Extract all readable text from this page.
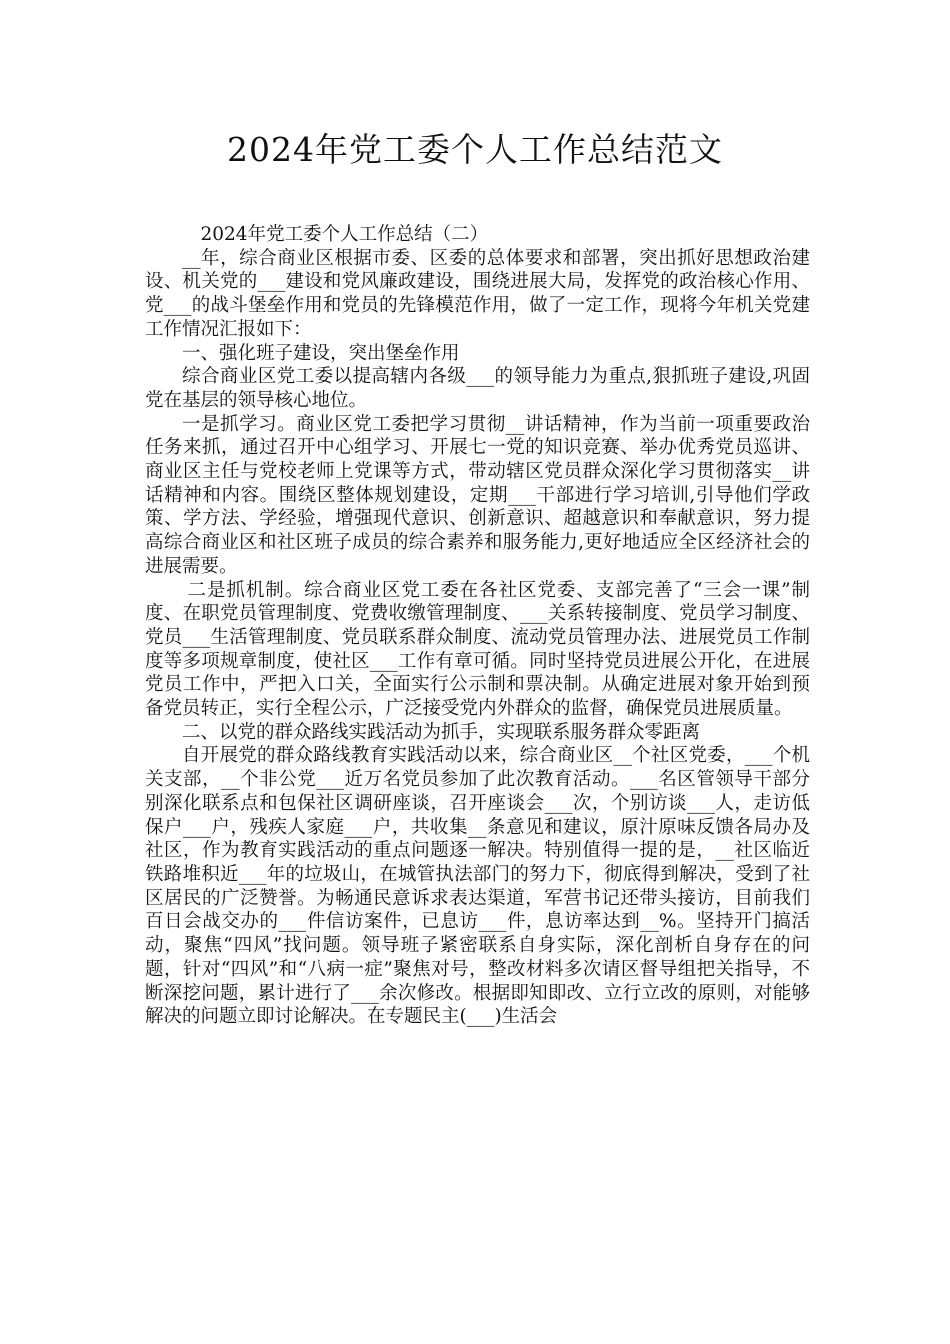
2024年党工委个人工作总结范文

2024年党工委个人工作总结（二）

__年，综合商业区根据市委、区委的总体要求和部署，突出抓好思想政治建设、机关党的___建设和党风廉政建设，围绕进展大局，发挥党的政治核心作用、党___的战斗堡垒作用和党员的先锋模范作用，做了一定工作，现将今年机关党建工作情况汇报如下：

一、强化班子建设，突出堡垒作用

综合商业区党工委以提高辖内各级___的领导能力为重点,狠抓班子建设,巩固党在基层的领导核心地位。

一是抓学习。商业区党工委把学习贯彻__讲话精神，作为当前一项重要政治任务来抓，通过召开中心组学习、开展七一党的知识竞赛、举办优秀党员巡讲、商业区主任与党校老师上党课等方式，带动辖区党员群众深化学习贯彻落实__讲话精神和内容。围绕区整体规划建设，定期___干部进行学习培训,引导他们学政策、学方法、学经验，增强现代意识、创新意识、超越意识和奉献意识，努力提高综合商业区和社区班子成员的综合素养和服务能力,更好地适应全区经济社会的进展需要。

二是抓机制。综合商业区党工委在各社区党委、支部完善了“三会一课”制度、在职党员管理制度、党费收缴管理制度、___关系转接制度、党员学习制度、党员___生活管理制度、党员联系群众制度、流动党员管理办法、进展党员工作制度等多项规章制度，使社区___工作有章可循。同时坚持党员进展公开化，在进展党员工作中，严把入口关，全面实行公示制和票决制。从确定进展对象开始到预备党员转正，实行全程公示，广泛接受党内外群众的监督，确保党员进展质量。

二、以党的群众路线实践活动为抓手，实现联系服务群众零距离

自开展党的群众路线教育实践活动以来，综合商业区__个社区党委，___个机关支部，__个非公党___近万名党员参加了此次教育活动。___名区管领导干部分别深化联系点和包保社区调研座谈，召开座谈会___次，个别访谈___人，走访低保户___户，残疾人家庭___户，共收集__条意见和建议，原汁原味反馈各局办及社区，作为教育实践活动的重点问题逐一解决。特别值得一提的是，__社区临近铁路堆积近___年的垃圾山，在城管执法部门的努力下，彻底得到解决，受到了社区居民的广泛赞誉。为畅通民意诉求表达渠道，军营书记还带头接访，目前我们百日会战交办的___件信访案件，已息访___件，息访率达到__%。坚持开门搞活动，聚焦“四风”找问题。领导班子紧密联系自身实际，深化剖析自身存在的问题，针对“四风”和“八病一症”聚焦对号，整改材料多次请区督导组把关指导，不断深挖问题，累计进行了___余次修改。根据即知即改、立行立改的原则，对能够解决的问题立即讨论解决。在专题民主(___)生活会
